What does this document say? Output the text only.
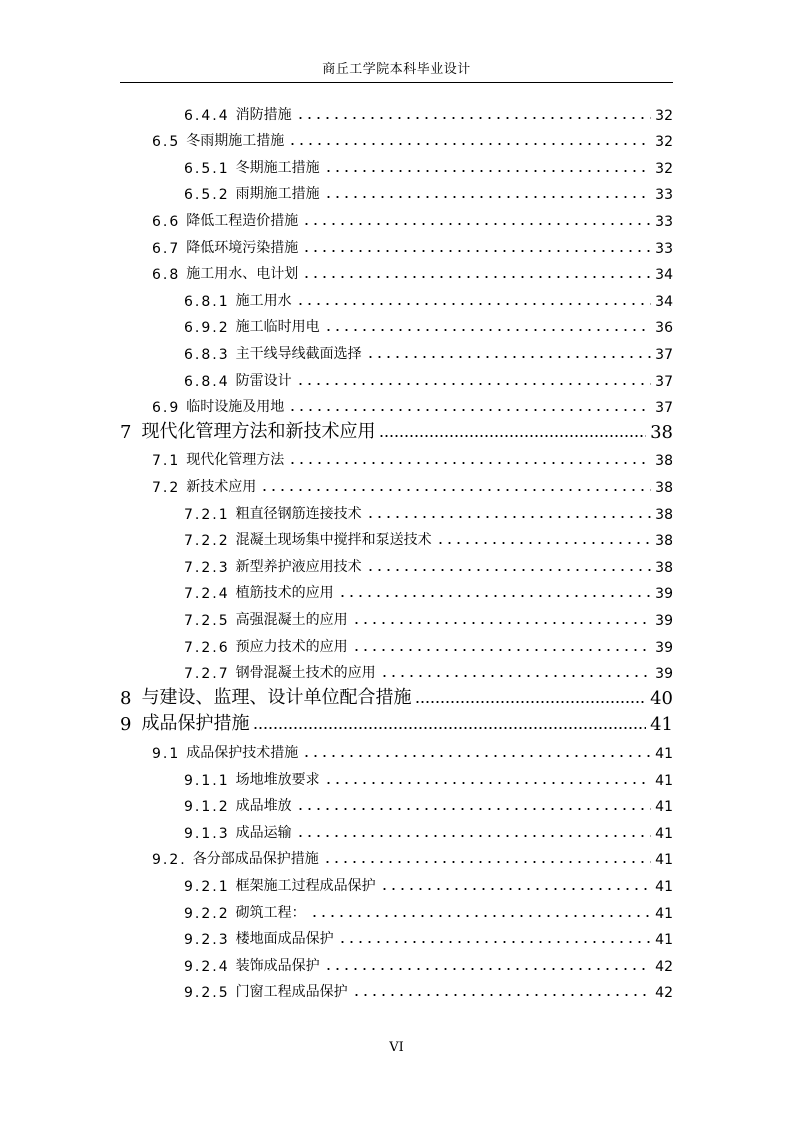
商丘工学院本科毕业设计
6.4.4 消防措施	32
6.5 冬雨期施工措施	32
6.5.1 冬期施工措施	32
6.5.2 雨期施工措施	33
6.6 降低工程造价措施	33
6.7 降低环境污染措施	33
6.8 施工用水、电计划	34
6.8.1 施工用水	34
6.9.2 施工临时用电	36
6.8.3 主干线导线截面选择	37
6.8.4 防雷设计	37
6.9 临时设施及用地	37
7 现代化管理方法和新技术应用	38
7.1 现代化管理方法	38
7.2 新技术应用	38
7.2.1 粗直径钢筋连接技术	38
7.2.2 混凝土现场集中搅拌和泵送技术	38
7.2.3 新型养护液应用技术	38
7.2.4 植筋技术的应用	39
7.2.5 高强混凝土的应用	39
7.2.6 预应力技术的应用	39
7.2.7 钢骨混凝土技术的应用	39
8 与建设、监理、设计单位配合措施	40
9 成品保护措施	41
9.1 成品保护技术措施	41
9.1.1 场地堆放要求	41
9.1.2 成品堆放	41
9.1.3 成品运输	41
9.2. 各分部成品保护措施	41
9.2.1 框架施工过程成品保护	41
9.2.2 砌筑工程：	41
9.2.3 楼地面成品保护	41
9.2.4 装饰成品保护	42
9.2.5 门窗工程成品保护	42
VI
